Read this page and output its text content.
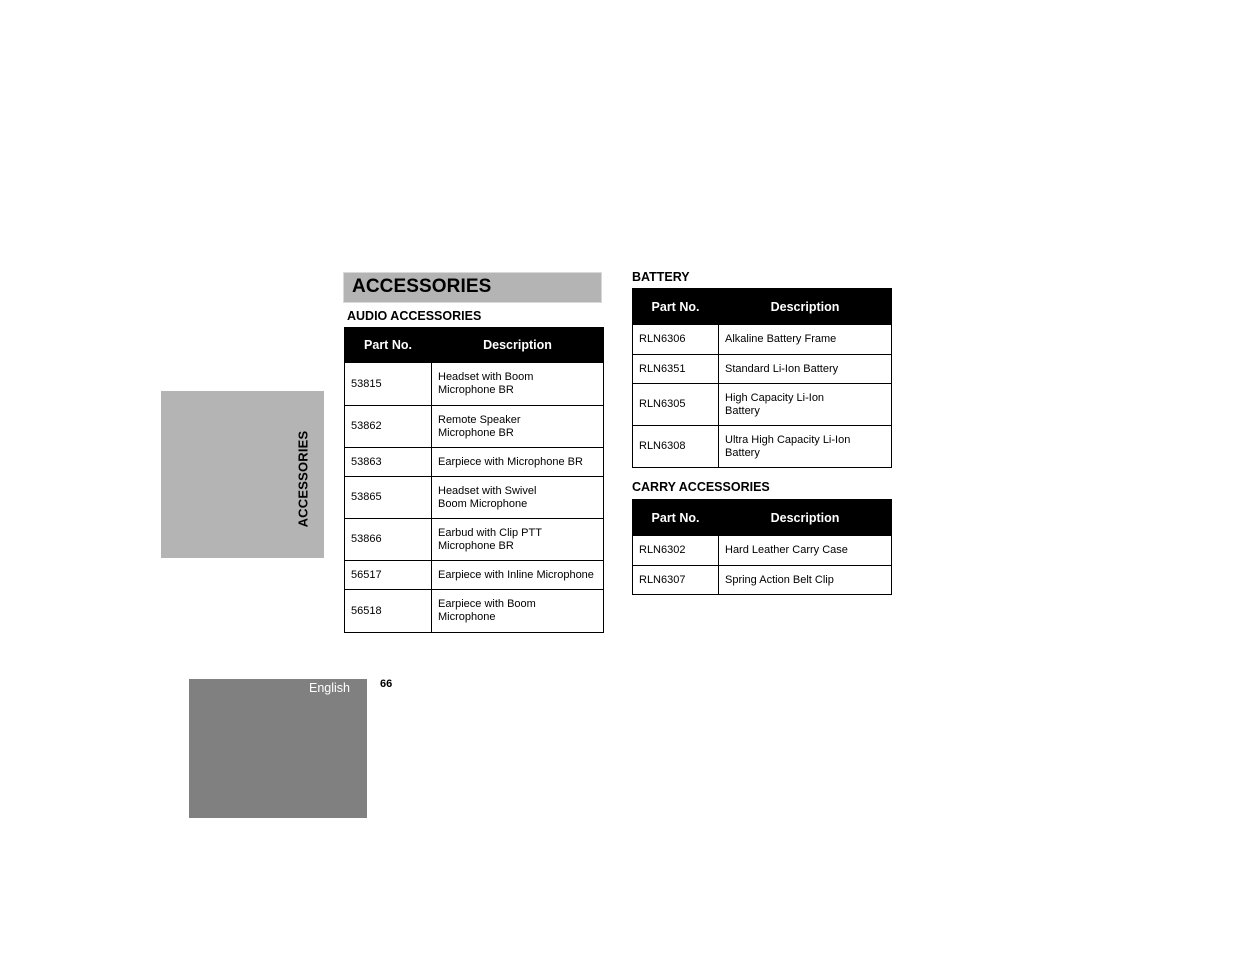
ACCESSORIES
ACCESSORIES
AUDIO ACCESSORIES
Part No.	Description
53815	Headset with Boom
Microphone BR

53862	Remote Speaker
Microphone BR

53863	Earpiece with Microphone BR

53865	Headset with Swivel
Boom Microphone

53866	Earbud with Clip PTT
Microphone BR

56517	Earpiece with Inline Microphone

56518	Earpiece with Boom
Microphone
BATTERY
Part No.	Description
RLN6306	Alkaline Battery Frame

RLN6351	Standard Li-Ion Battery

RLN6305	High Capacity Li-Ion
Battery

RLN6308	Ultra High Capacity Li-Ion
Battery
CARRY ACCESSORIES
Part No.	Description
RLN6302	Hard Leather Carry Case

RLN6307	Spring Action Belt Clip
English	66
